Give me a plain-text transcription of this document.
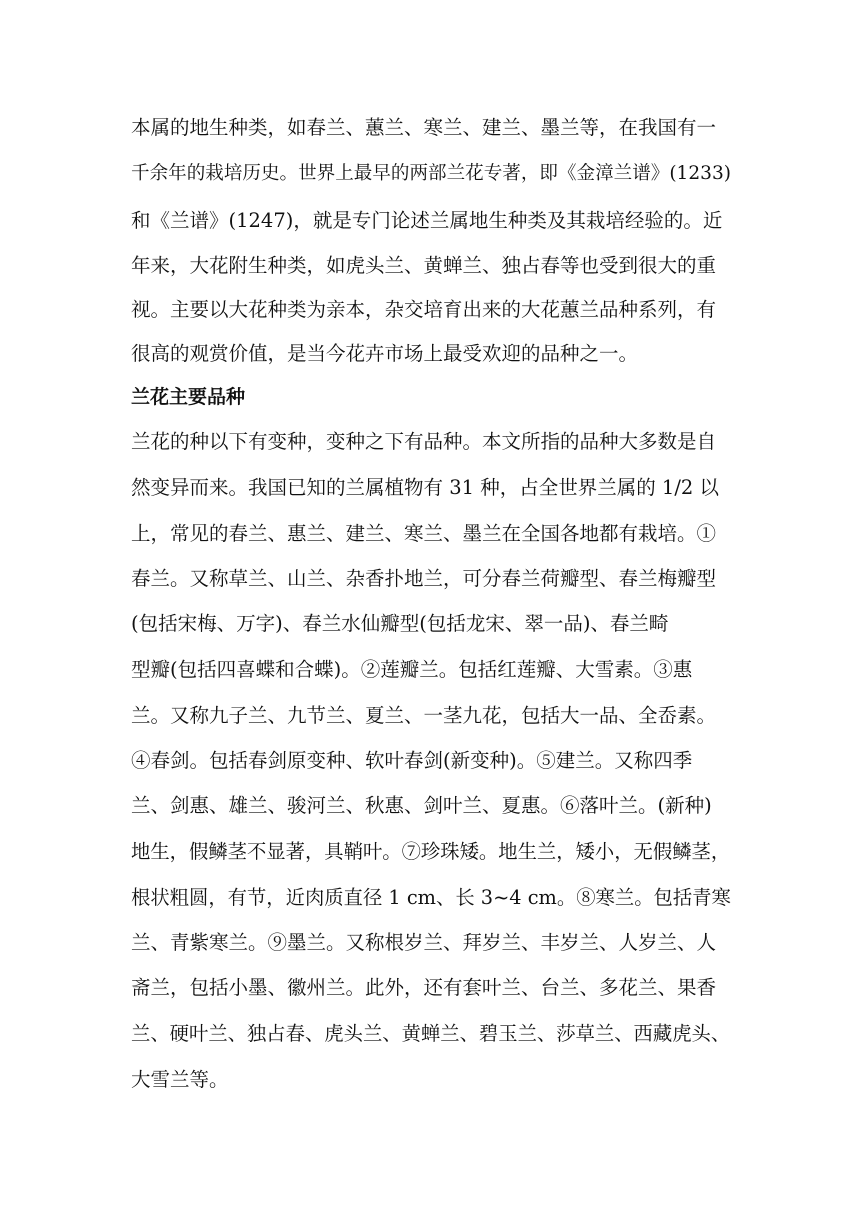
本属的地生种类，如春兰、蕙兰、寒兰、建兰、墨兰等，在我国有一
千余年的栽培历史。世界上最早的两部兰花专著，即《金漳兰谱》(1233)
和《兰谱》(1247)，就是专门论述兰属地生种类及其栽培经验的。近
年来，大花附生种类，如虎头兰、黄蝉兰、独占春等也受到很大的重
视。主要以大花种类为亲本，杂交培育出来的大花蕙兰品种系列，有
很高的观赏价值，是当今花卉市场上最受欢迎的品种之一。
兰花主要品种
兰花的种以下有变种，变种之下有品种。本文所指的品种大多数是自
然变异而来。我国已知的兰属植物有 31 种，占全世界兰属的 1/2 以
上，常见的春兰、惠兰、建兰、寒兰、墨兰在全国各地都有栽培。①
春兰。又称草兰、山兰、杂香扑地兰，可分春兰荷瓣型、春兰梅瓣型
(包括宋梅、万字)、春兰水仙瓣型(包括龙宋、翠一品)、春兰畸
型瓣(包括四喜蝶和合蝶)。②莲瓣兰。包括红莲瓣、大雪素。③惠
兰。又称九子兰、九节兰、夏兰、一茎九花，包括大一品、全岙素。
④春剑。包括春剑原变种、软叶春剑(新变种)。⑤建兰。又称四季
兰、剑惠、雄兰、骏河兰、秋惠、剑叶兰、夏惠。⑥落叶兰。(新种)
地生，假鳞茎不显著，具鞘叶。⑦珍珠矮。地生兰，矮小，无假鳞茎，
根状粗圆，有节，近肉质直径 1 cm、长 3~4 cm。⑧寒兰。包括青寒
兰、青紫寒兰。⑨墨兰。又称根岁兰、拜岁兰、丰岁兰、人岁兰、人
斋兰，包括小墨、徽州兰。此外，还有套叶兰、台兰、多花兰、果香
兰、硬叶兰、独占春、虎头兰、黄蝉兰、碧玉兰、莎草兰、西藏虎头、
大雪兰等。
